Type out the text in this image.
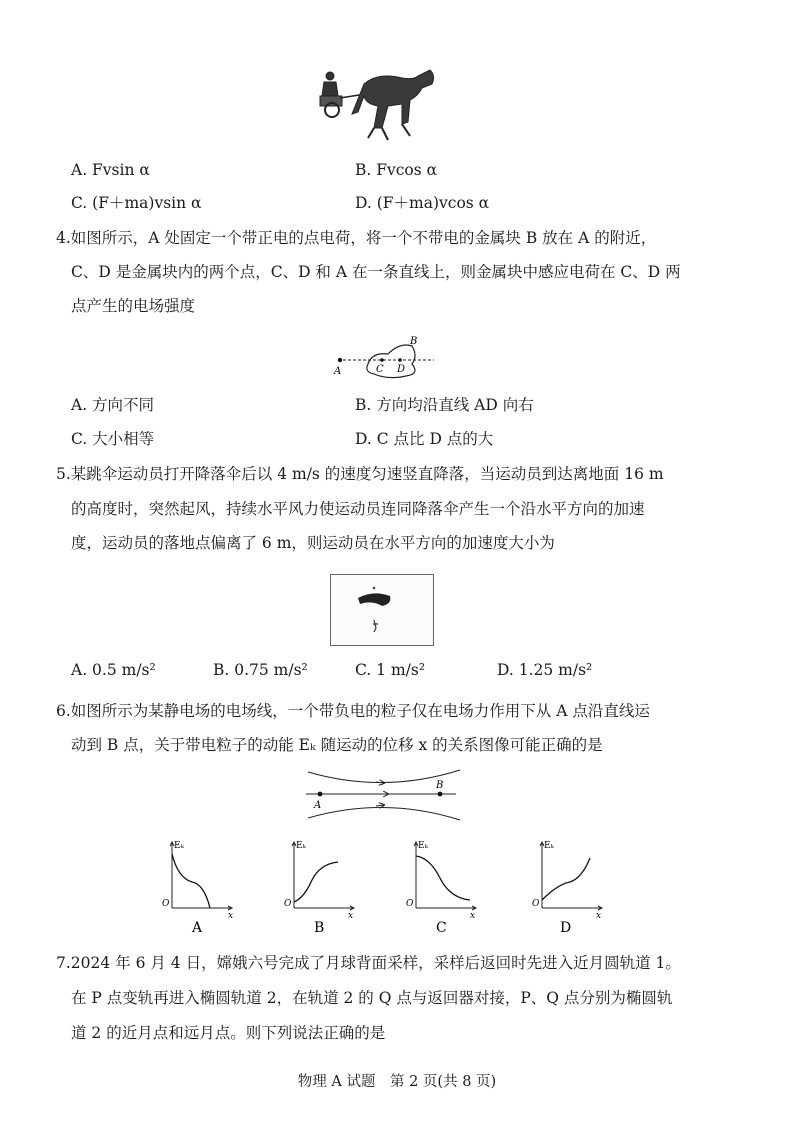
A. Fvsin α	B. Fvcos α
C. (F＋ma)vsin α	D. (F＋ma)vcos α
4.如图所示，A 处固定一个带正电的点电荷，将一个不带电的金属块 B 放在 A 的附近，
C、D 是金属块内的两个点，C、D 和 A 在一条直线上，则金属块中感应电荷在 C、D 两
点产生的电场强度
A
B
C D
A. 方向不同	B. 方向均沿直线 AD 向右
C. 大小相等	D. C 点比 D 点的大
5.某跳伞运动员打开降落伞后以 4 m/s 的速度匀速竖直降落，当运动员到达离地面 16 m
的高度时，突然起风，持续水平风力使运动员连同降落伞产生一个沿水平方向的加速
度，运动员的落地点偏离了 6 m，则运动员在水平方向的加速度大小为
A. 0.5 m/s²	B. 0.75 m/s²	C. 1 m/s²	D. 1.25 m/s²
6.如图所示为某静电场的电场线，一个带负电的粒子仅在电场力作用下从 A 点沿直线运
动到 B 点，关于带电粒子的动能 Eₖ 随运动的位移 x 的关系图像可能正确的是
A
B
Eₖ
O
x
A
Eₖ
O
x
B
Eₖ
O
x
C
Eₖ
O
x
D
7.2024 年 6 月 4 日，嫦娥六号完成了月球背面采样，采样后返回时先进入近月圆轨道 1。
在 P 点变轨再进入椭圆轨道 2，在轨道 2 的 Q 点与返回器对接，P、Q 点分别为椭圆轨
道 2 的近月点和远月点。则下列说法正确的是
物理 A 试题　第 2 页(共 8 页)
